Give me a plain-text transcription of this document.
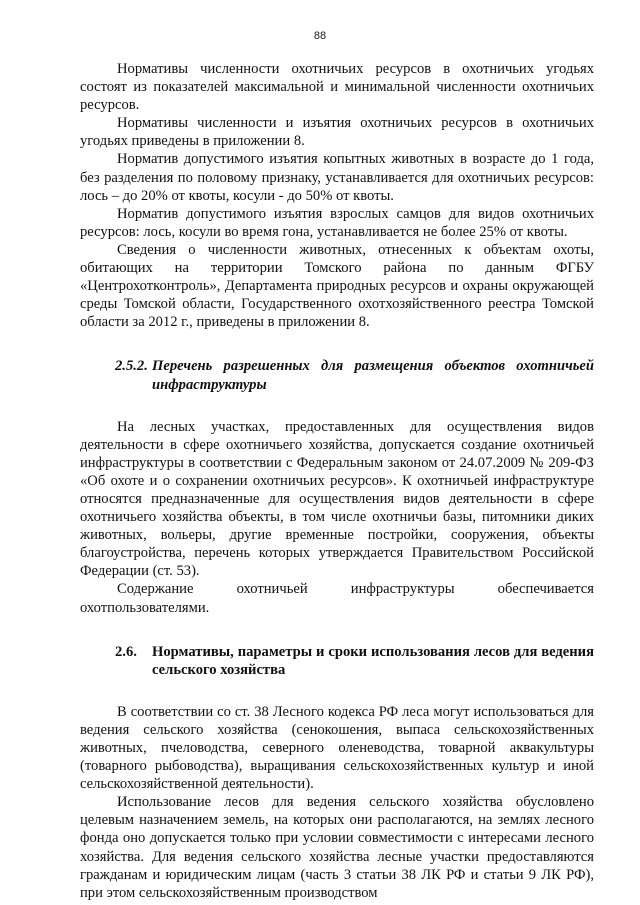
88

Нормативы численности охотничьих ресурсов в охотничьих угодьях состоят из показателей максимальной и минимальной численности охотничьих ресурсов.

Нормативы численности и изъятия охотничьих ресурсов в охотничьих угодьях приведены в приложении 8.

Норматив допустимого изъятия копытных животных в возрасте до 1 года, без разделения по половому признаку, устанавливается для охотничьих ресурсов: лось – до 20% от квоты, косули - до 50% от квоты.

Норматив допустимого изъятия взрослых самцов для видов охотничьих ресурсов: лось, косули во время гона, устанавливается не более 25% от квоты.

Сведения о численности животных, отнесенных к объектам охоты, обитающих на территории Томского района по данным ФГБУ «Центрохотконтроль», Департамента природных ресурсов и охраны окружающей среды Томской области, Государственного охотхозяйственного реестра Томской области за 2012 г., приведены в приложении 8.

2.5.2. Перечень разрешенных для размещения объектов охотничьей инфраструктуры

На лесных участках, предоставленных для осуществления видов деятельности в сфере охотничьего хозяйства, допускается создание охотничьей инфраструктуры в соответствии с Федеральным законом от 24.07.2009 № 209-ФЗ «Об охоте и о сохранении охотничьих ресурсов». К охотничьей инфраструктуре относятся предназначенные для осуществления видов деятельности в сфере охотничьего хозяйства объекты, в том числе охотничьи базы, питомники диких животных, вольеры, другие временные постройки, сооружения, объекты благоустройства, перечень которых утверждается Правительством Российской Федерации (ст. 53).

Содержание охотничьей инфраструктуры обеспечивается охотпользователями.

2.6. Нормативы, параметры и сроки использования лесов для ведения сельского хозяйства

В соответствии со ст. 38 Лесного кодекса РФ леса могут использоваться для ведения сельского хозяйства (сенокошения, выпаса сельскохозяйственных животных, пчеловодства, северного оленеводства, товарной аквакультуры (товарного рыбоводства), выращивания сельскохозяйственных культур и иной сельскохозяйственной деятельности).

Использование лесов для ведения сельского хозяйства обусловлено целевым назначением земель, на которых они располагаются, на землях лесного фонда оно допускается только при условии совместимости с интересами лесного хозяйства. Для ведения сельского хозяйства лесные участки предоставляются гражданам и юридическим лицам (часть 3 статьи 38 ЛК РФ и статьи 9 ЛК РФ), при этом сельскохозяйственным производством
